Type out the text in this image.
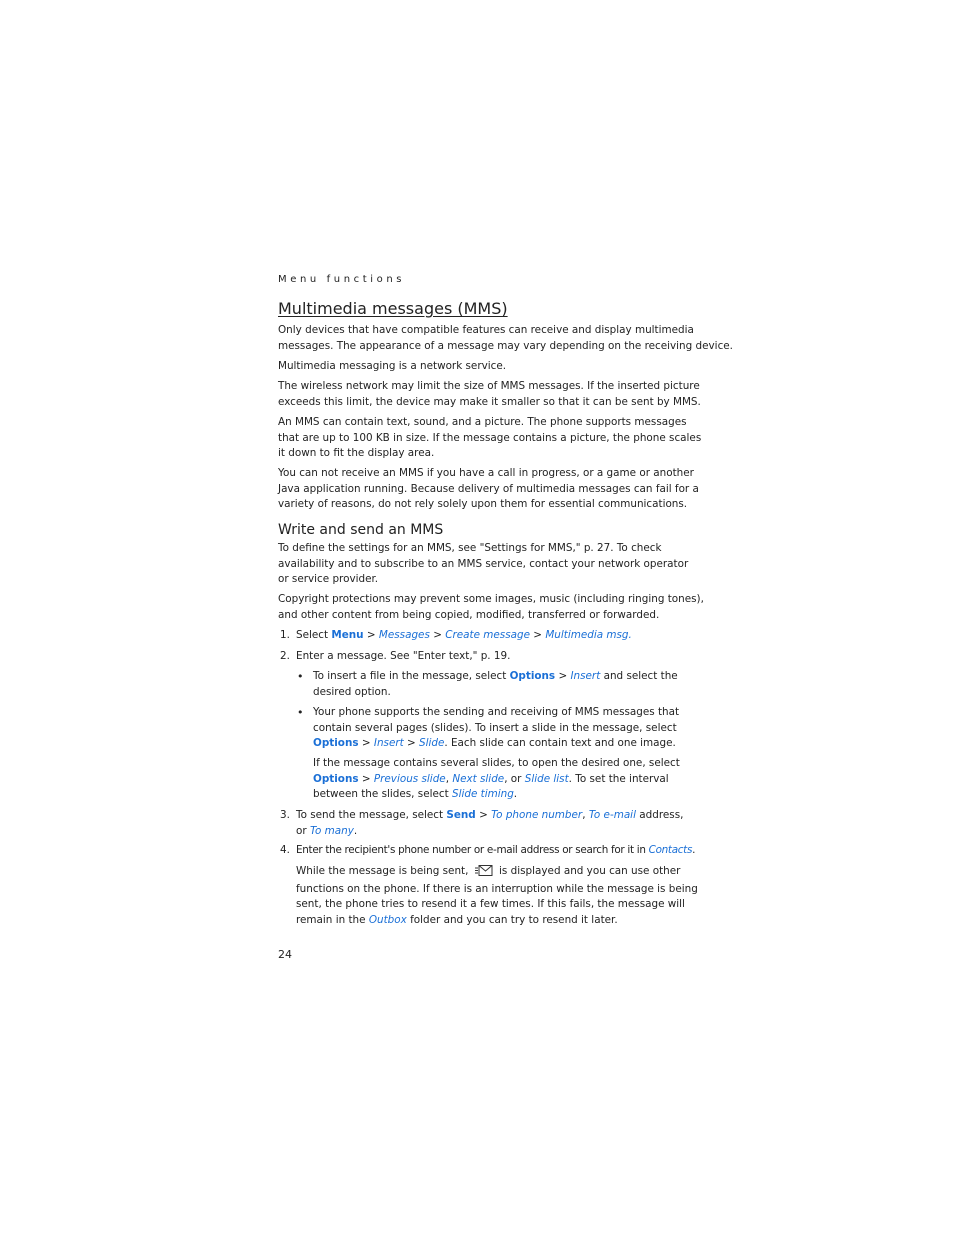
Menu functions
Multimedia messages (MMS)

Only devices that have compatible features can receive and display multimedia
messages. The appearance of a message may vary depending on the receiving device.

Multimedia messaging is a network service.

The wireless network may limit the size of MMS messages. If the inserted picture
exceeds this limit, the device may make it smaller so that it can be sent by MMS.

An MMS can contain text, sound, and a picture. The phone supports messages
that are up to 100 KB in size. If the message contains a picture, the phone scales
it down to fit the display area.

You can not receive an MMS if you have a call in progress, or a game or another
Java application running. Because delivery of multimedia messages can fail for a
variety of reasons, do not rely solely upon them for essential communications.

Write and send an MMS

To define the settings for an MMS, see "Settings for MMS," p. 27. To check
availability and to subscribe to an MMS service, contact your network operator
or service provider.

Copyright protections may prevent some images, music (including ringing tones),
and other content from being copied, modified, transferred or forwarded.

1. Select Menu > Messages > Create message > Multimedia msg.
2. Enter a message. See "Enter text," p. 19.
• To insert a file in the message, select Options > Insert and select the
desired option.
• Your phone supports the sending and receiving of MMS messages that
contain several pages (slides). To insert a slide in the message, select
Options > Insert > Slide. Each slide can contain text and one image.
If the message contains several slides, to open the desired one, select
Options > Previous slide, Next slide, or Slide list. To set the interval
between the slides, select Slide timing.
3. To send the message, select Send > To phone number, To e-mail address,
or To many.
4. Enter the recipient's phone number or e-mail address or search for it in Contacts.
While the message is being sent,	is displayed and you can use other
functions on the phone. If there is an interruption while the message is being
sent, the phone tries to resend it a few times. If this fails, the message will
remain in the Outbox folder and you can try to resend it later.
24
